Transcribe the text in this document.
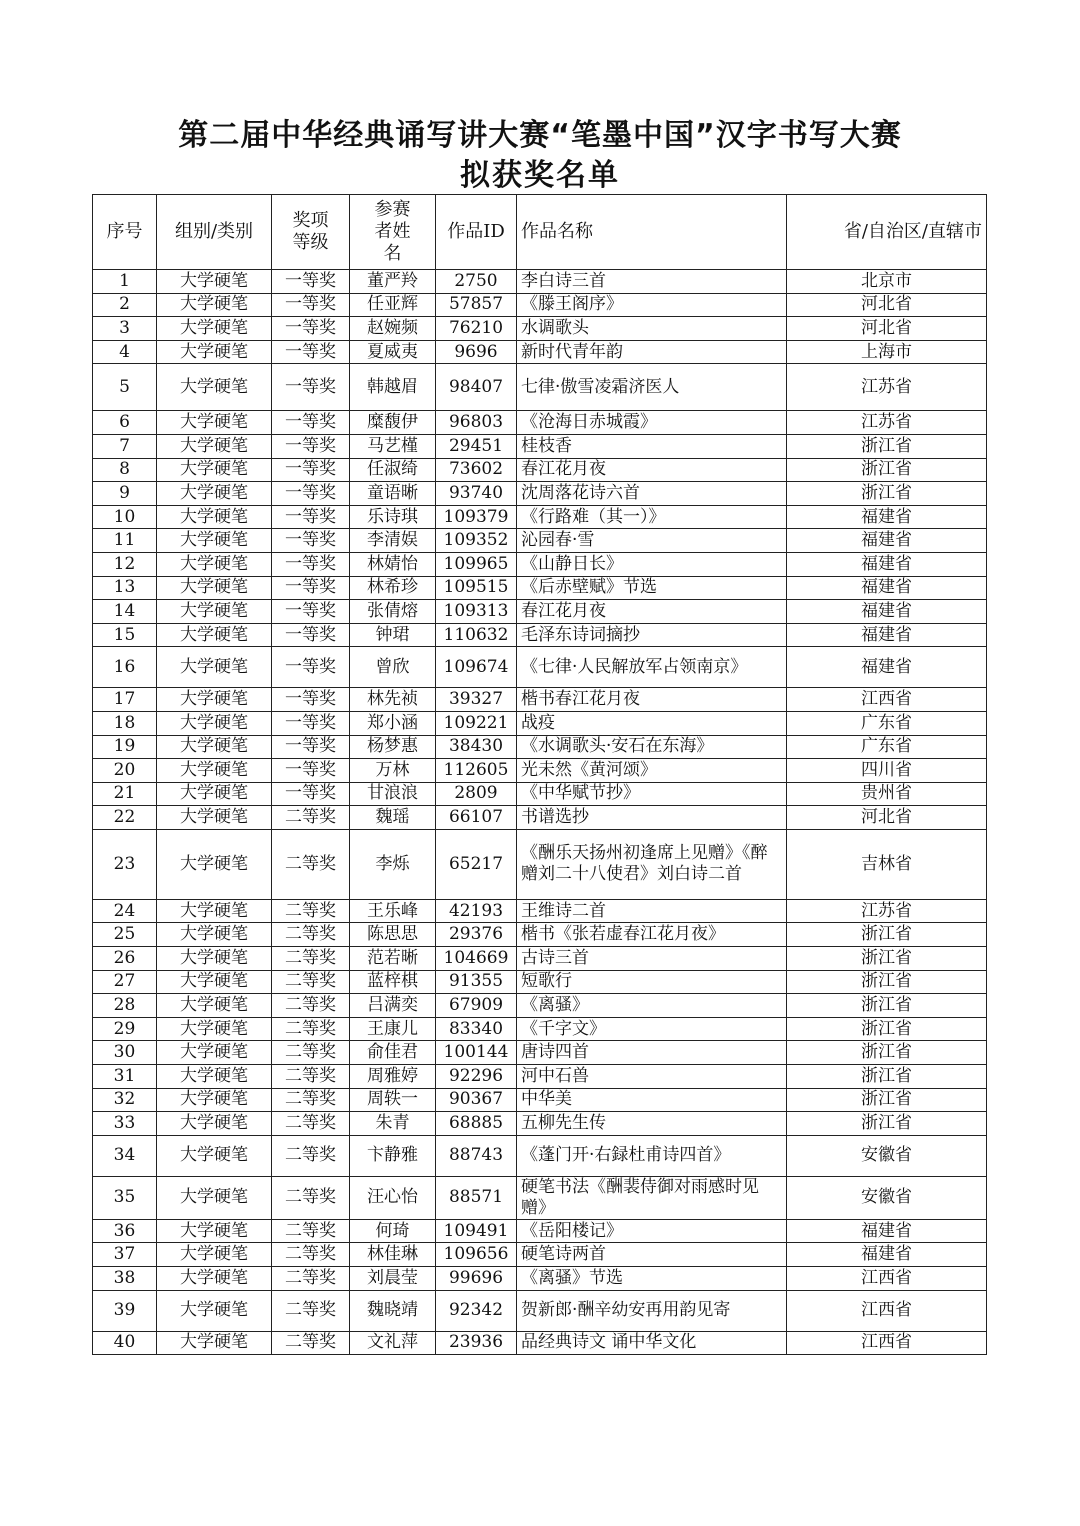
第二届中华经典诵写讲大赛“笔墨中国”汉字书写大赛
拟获奖名单
序号	组别/类别	奖项等级	参赛者姓名	作品ID	作品名称	省/自治区/直辖市
1	大学硬笔	一等奖	董严羚	2750	李白诗三首	北京市
2	大学硬笔	一等奖	任亚辉	57857	《滕王阁序》	河北省
3	大学硬笔	一等奖	赵婉频	76210	水调歌头	河北省
4	大学硬笔	一等奖	夏威夷	9696	新时代青年韵	上海市
5	大学硬笔	一等奖	韩越眉	98407	七律·傲雪凌霜济医人	江苏省
6	大学硬笔	一等奖	糜馥伊	96803	《沧海日赤城霞》	江苏省
7	大学硬笔	一等奖	马艺槿	29451	桂枝香	浙江省
8	大学硬笔	一等奖	任淑绮	73602	春江花月夜	浙江省
9	大学硬笔	一等奖	童语晰	93740	沈周落花诗六首	浙江省
10	大学硬笔	一等奖	乐诗琪	109379	《行路难（其一）》	福建省
11	大学硬笔	一等奖	李清娱	109352	沁园春·雪	福建省
12	大学硬笔	一等奖	林婧怡	109965	《山静日长》	福建省
13	大学硬笔	一等奖	林希珍	109515	《后赤壁赋》节选	福建省
14	大学硬笔	一等奖	张倩熔	109313	春江花月夜	福建省
15	大学硬笔	一等奖	钟珺	110632	毛泽东诗词摘抄	福建省
16	大学硬笔	一等奖	曾欣	109674	《七律·人民解放军占领南京》	福建省
17	大学硬笔	一等奖	林先祯	39327	楷书春江花月夜	江西省
18	大学硬笔	一等奖	郑小涵	109221	战疫	广东省
19	大学硬笔	一等奖	杨梦惠	38430	《水调歌头·安石在东海》	广东省
20	大学硬笔	一等奖	万林	112605	光未然《黄河颂》	四川省
21	大学硬笔	一等奖	甘浪浪	2809	《中华赋节抄》	贵州省
22	大学硬笔	二等奖	魏瑶	66107	书谱选抄	河北省
23	大学硬笔	二等奖	李烁	65217	《酬乐天扬州初逢席上见赠》《醉赠刘二十八使君》刘白诗二首	吉林省
24	大学硬笔	二等奖	王乐峰	42193	王维诗二首	江苏省
25	大学硬笔	二等奖	陈思思	29376	楷书《张若虚春江花月夜》	浙江省
26	大学硬笔	二等奖	范若晰	104669	古诗三首	浙江省
27	大学硬笔	二等奖	蓝梓棋	91355	短歌行	浙江省
28	大学硬笔	二等奖	吕满奕	67909	《离骚》	浙江省
29	大学硬笔	二等奖	王康儿	83340	《千字文》	浙江省
30	大学硬笔	二等奖	俞佳君	100144	唐诗四首	浙江省
31	大学硬笔	二等奖	周雅婷	92296	河中石兽	浙江省
32	大学硬笔	二等奖	周轶一	90367	中华美	浙江省
33	大学硬笔	二等奖	朱青	68885	五柳先生传	浙江省
34	大学硬笔	二等奖	卞静雅	88743	《蓬门开·右録杜甫诗四首》	安徽省
35	大学硬笔	二等奖	汪心怡	88571	硬笔书法《酬裴侍御对雨感时见赠》	安徽省
36	大学硬笔	二等奖	何琦	109491	《岳阳楼记》	福建省
37	大学硬笔	二等奖	林佳琳	109656	硬笔诗两首	福建省
38	大学硬笔	二等奖	刘晨莹	99696	《离骚》节选	江西省
39	大学硬笔	二等奖	魏晓靖	92342	贺新郎·酬辛幼安再用韵见寄	江西省
40	大学硬笔	二等奖	文礼萍	23936	品经典诗文 诵中华文化	江西省
